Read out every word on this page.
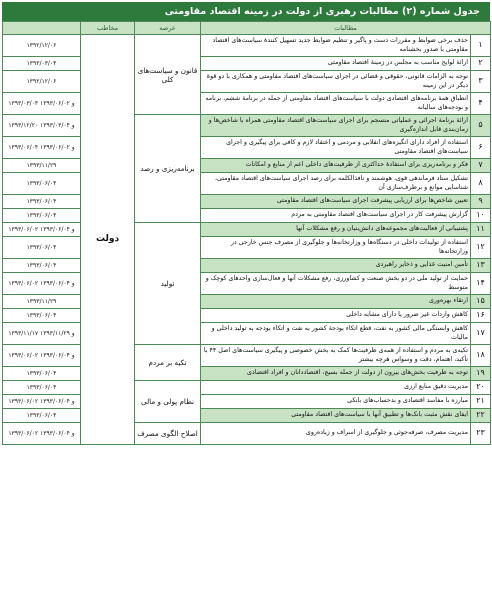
جدول شماره (۲) مطالبات رهبری از دولت در زمینه اقتصاد مقاومتی
مطالبات		عرصه	مخاطب	
۱	حذف برخی ضوابط و مقررات دست و پاگیر و تنظیم ضوابط جدید تسهیل کنندهٔ سیاست‌های اقتصاد مقاومتی با صدور بخشنامه	قانون و سیاست‌های کلی	دولت	۱۳۹۲/۱۲/۰۶
۲	ارائهٔ لوایح مناسب به مجلس در زمینهٔ اقتصاد مقاومتی			۱۳۹۳/۰۳/۰۴
۳	توجه به الزامات قانونی، حقوقی و قضائی در اجرای سیاست‌های اقتصاد مقاومتی و همکاری با دو قوهٔ دیگر در این زمینه			۱۳۹۲/۱۲/۰۶
۴	انطباق همهٔ برنامه‌های اقتصادی دولت با سیاست‌های اقتصاد مقاومتی از جمله در برنامهٔ ششم، برنامه و بودجه‌های سالیانه			۱۳۹۳/۰۳/۰۴ و ۱۳۹۳/۰۶/۰۲
۵	ارائهٔ برنامهٔ اجرائی و عملیاتی منسجم برای اجرای سیاست‌های اقتصاد مقاومتی همراه با شاخص‌ها و زمان‌بندی قابل اندازه‌گیری	برنامه‌ریزی و رصد		۱۳۹۳/۱۲/۲۰ و ۱۳۹۳/۰۳/۰۴
۶	استفاده از افراد دارای انگیزه‌های انقلابی و مردمی و اعتقاد لازم و کافی برای پیگیری و اجرای سیاست‌های اقتصاد مقاومتی			۱۳۹۳/۰۶/۰۴ و ۱۳۹۳/۰۶/۰۲
۷	فکر و برنامه‌ریزی برای استفادهٔ حداکثری از ظرفیت‌های داخلی اعم از منابع و امکانات			۱۳۹۳/۱۱/۲۹
۸	تشکیل ستاد فرماندهی قوی، هوشمند و نافذالکلمه برای رصد اجرای سیاست‌های اقتصاد مقاومتی، شناسایی موانع و برطرف‌سازی آن			۱۳۹۳/۰۶/۰۴
۹	تعیین شاخص‌ها برای ارزیابی پیشرفت اجرای سیاست‌های اقتصاد مقاومتی			۱۳۹۳/۰۶/۰۴
۱۰	گزارش پیشرفت کار در اجرای سیاست‌های اقتصاد مقاومتی به مردم			۱۳۹۳/۰۶/۰۴
۱۱	پشتیبانی از فعالیت‌های مجموعه‌های دانش‌بنیان و رفع مشکلات آنها	تولید		۱۳۹۳/۰۶/۰۲ و ۱۳۹۳/۰۶/۰۴
۱۲	استفاده از تولیدات داخلی در دستگاه‌ها و وزارتخانه‌ها و جلوگیری از مصرف جنس خارجی در وزارتخانه‌ها			۱۳۹۳/۰۶/۰۴
۱۳	تأمین امنیت غذایی و ذخایر راهبردی			۱۳۹۳/۰۶/۰۴
۱۴	حمایت از تولید ملی در دو بخش صنعت و کشاورزی، رفع مشکلات آنها و فعال‌سازی واحدهای کوچک و متوسط			۱۳۹۳/۰۶/۰۲ و ۱۳۹۳/۰۶/۰۴
۱۵	ارتقاء بهره‌وری			۱۳۹۳/۱۱/۲۹
۱۶	کاهش واردات غیر ضرور یا دارای مشابه داخلی			۱۳۹۳/۰۶/۰۴
۱۷	کاهش وابستگی مالی کشور به نفت، قطع اتکاء بودجهٔ کشور به نفت و اتکاء بودجه به تولید داخلی و مالیات			۱۳۹۳/۱۱/۱۷ و ۱۳۹۳/۱۱/۲۹
۱۸	تکیه‌ی به مردم و استفاده از همه‌ی ظرفیت‌ها کمک به بخش خصوصی و پیگیری سیاست‌های اصل ۴۴ با تأکید، اهتمام، دقت و وسواس هرچه بیشتر	تکیه بر مردم		۱۳۹۳/۰۶/۰۲ و ۱۳۹۳/۰۶/۰۴
۱۹	توجه به ظرفیت بخش‌های بیرون از دولت از جمله بسیج، اقتصاددانان و افراد اقتصادی			۱۳۹۳/۰۶/۰۴
۲۰	مدیریت دقیق منابع ارزی	نظام پولی و مالی		۱۳۹۳/۰۶/۰۴
۲۱	مبارزه با مفاسد اقتصادی و بدحساب‌های بانکی			۱۳۹۳/۰۶/۰۲ و ۱۳۹۳/۰۶/۰۴
۲۲	ایفای نقش مثبت بانک‌ها و تطبیق آنها با سیاست‌های اقتصاد مقاومتی			۱۳۹۳/۰۶/۰۴
۲۳	مدیریت مصرف، صرفه‌جوئی و جلوگیری از اسراف و زیاده‌روی	اصلاح الگوی مصرف		۱۳۹۳/۰۶/۰۲ و ۱۳۹۳/۰۶/۰۴
